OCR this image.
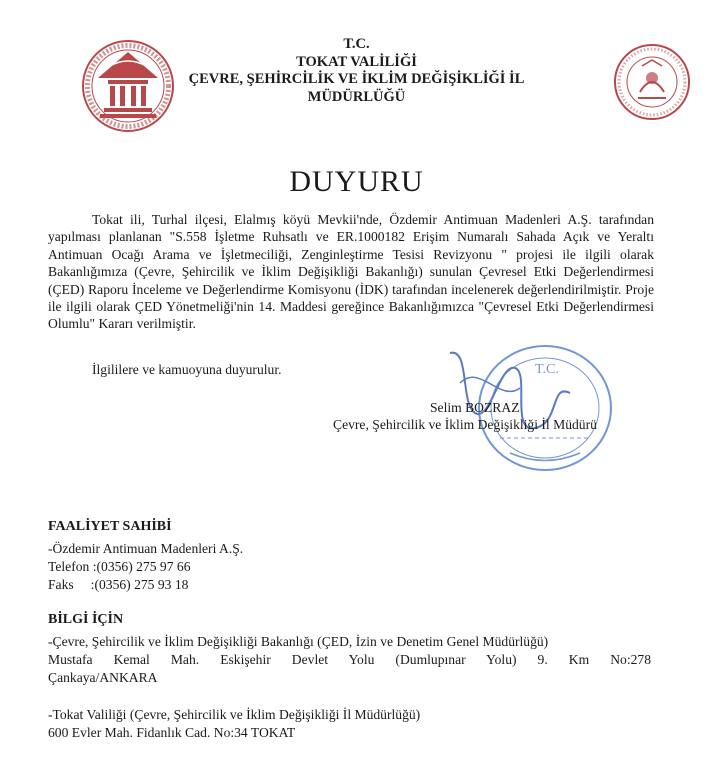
T.C.
TOKAT VALİLİĞİ
ÇEVRE, ŞEHİRCİLİK VE İKLİM DEĞİŞİKLİĞİ İL
MÜDÜRLÜĞÜ
DUYURU

Tokat ili, Turhal ilçesi, Elalmış köyü Mevkii'nde, Özdemir Antimuan Madenleri A.Ş. tarafından yapılması planlanan "S.558 İşletme Ruhsatlı ve ER.1000182 Erişim Numaralı Sahada Açık ve Yeraltı Antimuan Ocağı Arama ve İşletmeciliği, Zenginleştirme Tesisi Revizyonu " projesi ile ilgili olarak Bakanlığımıza (Çevre, Şehircilik ve İklim Değişikliği Bakanlığı) sunulan Çevresel Etki Değerlendirmesi (ÇED) Raporu İnceleme ve Değerlendirme Komisyonu (İDK) tarafından incelenerek değerlendirilmiştir. Proje ile ilgili olarak ÇED Yönetmeliği'nin 14. Maddesi gereğince Bakanlığımızca "Çevresel Etki Değerlendirmesi Olumlu" Kararı verilmiştir.

İlgililere ve kamuoyuna duyurulur.	T.C.
Selim BOZRAZ
Çevre, Şehircilik ve İklim Değişikliği İl Müdürü
FAALİYET SAHİBİ
-Özdemir Antimuan Madenleri A.Ş.
Telefon :(0356) 275 97 66
Faks     :(0356) 275 93 18
BİLGİ İÇİN
-Çevre, Şehircilik ve İklim Değişikliği Bakanlığı (ÇED, İzin ve Denetim Genel Müdürlüğü)
Mustafa Kemal Mah. Eskişehir Devlet Yolu (Dumlupınar Yolu) 9. Km No:278
Çankaya/ANKARA
-Tokat Valiliği (Çevre, Şehircilik ve İklim Değişikliği İl Müdürlüğü)
600 Evler Mah. Fidanlık Cad. No:34 TOKAT
